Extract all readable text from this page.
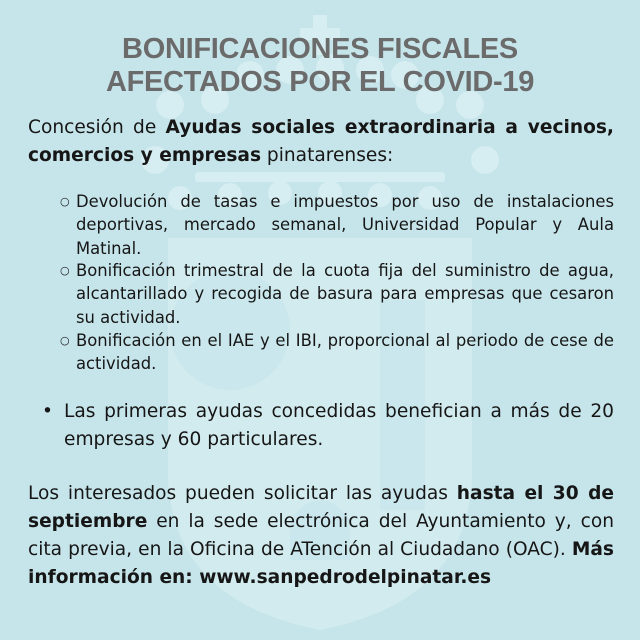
BONIFICACIONES FISCALES
AFECTADOS POR EL COVID-19
Concesión de Ayudas sociales extraordinaria a vecinos, comercios y empresas pinatarenses:
○ Devolución de tasas e impuestos por uso de instalaciones deportivas, mercado semanal, Universidad Popular y Aula Matinal.
○ Bonificación trimestral de la cuota fija del suministro de agua, alcantarillado y recogida de basura para empresas que cesaron su actividad.
○ Bonificación en el IAE y el IBI, proporcional al periodo de cese de actividad.
• Las primeras ayudas concedidas benefician a más de 20 empresas y 60 particulares.
Los interesados pueden solicitar las ayudas hasta el 30 de septiembre en la sede electrónica del Ayuntamiento y, con cita previa, en la Oficina de ATención al Ciudadano (OAC). Más información en: www.sanpedrodelpinatar.es
